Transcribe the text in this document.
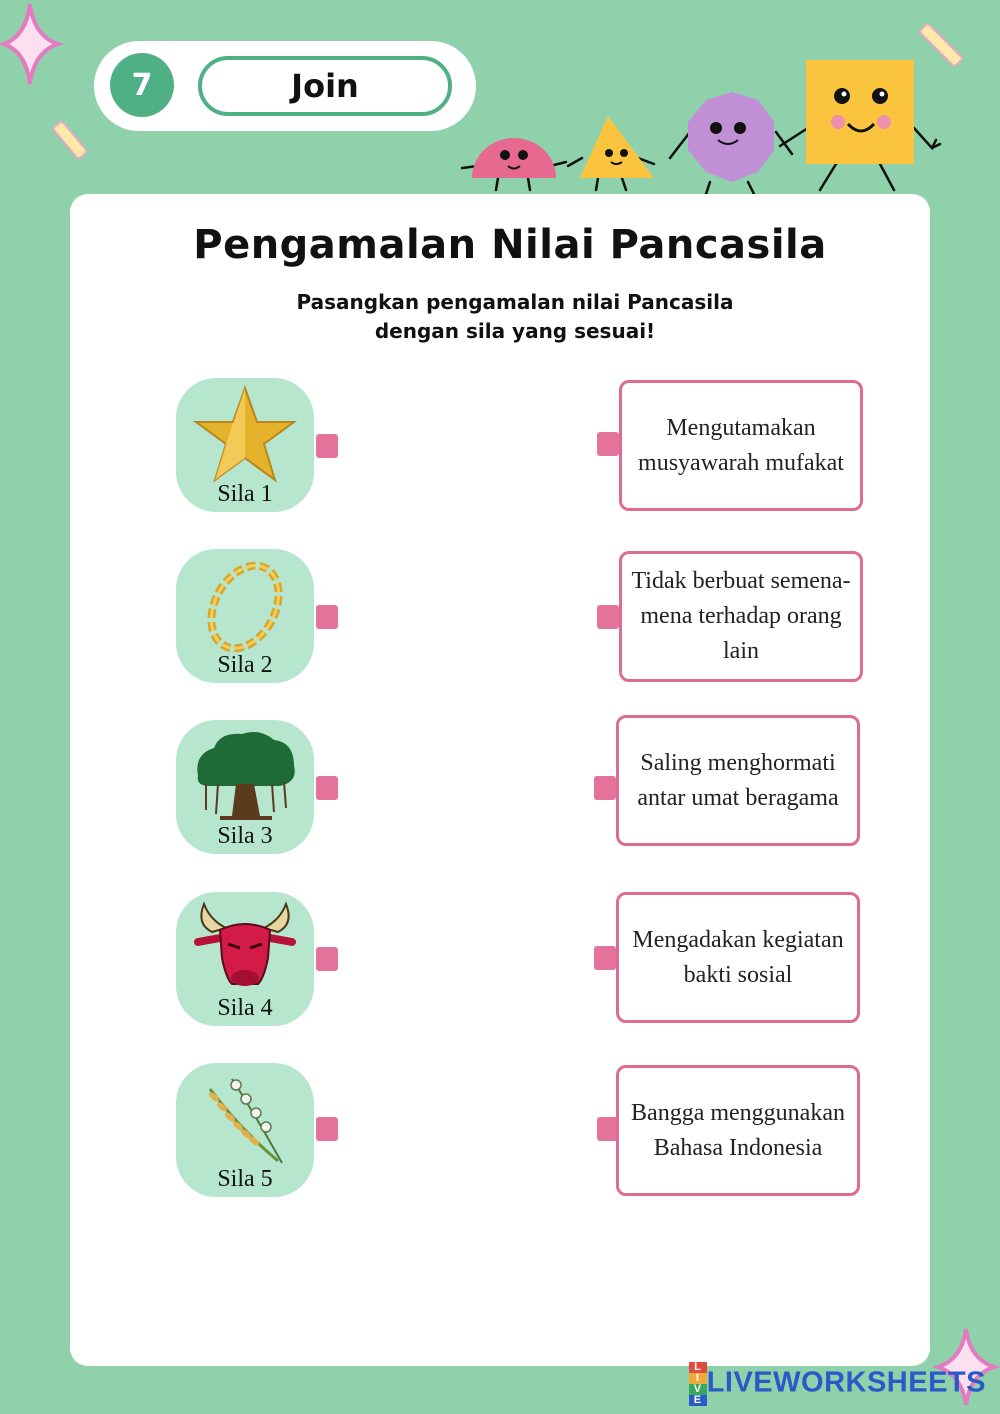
7	Join
Pengamalan Nilai Pancasila
Pasangkan pengamalan nilai Pancasila
dengan sila yang sesuai!
Sila 1
Sila 2
Sila 3
Sila 4
Sila 5
Mengutamakan musyawarah mufakat
Tidak berbuat semena-mena terhadap orang lain
Saling menghormati antar umat beragama
Mengadakan kegiatan bakti sosial
Bangga menggunakan Bahasa Indonesia
L
I
V
E
LIVEWORKSHEETS
